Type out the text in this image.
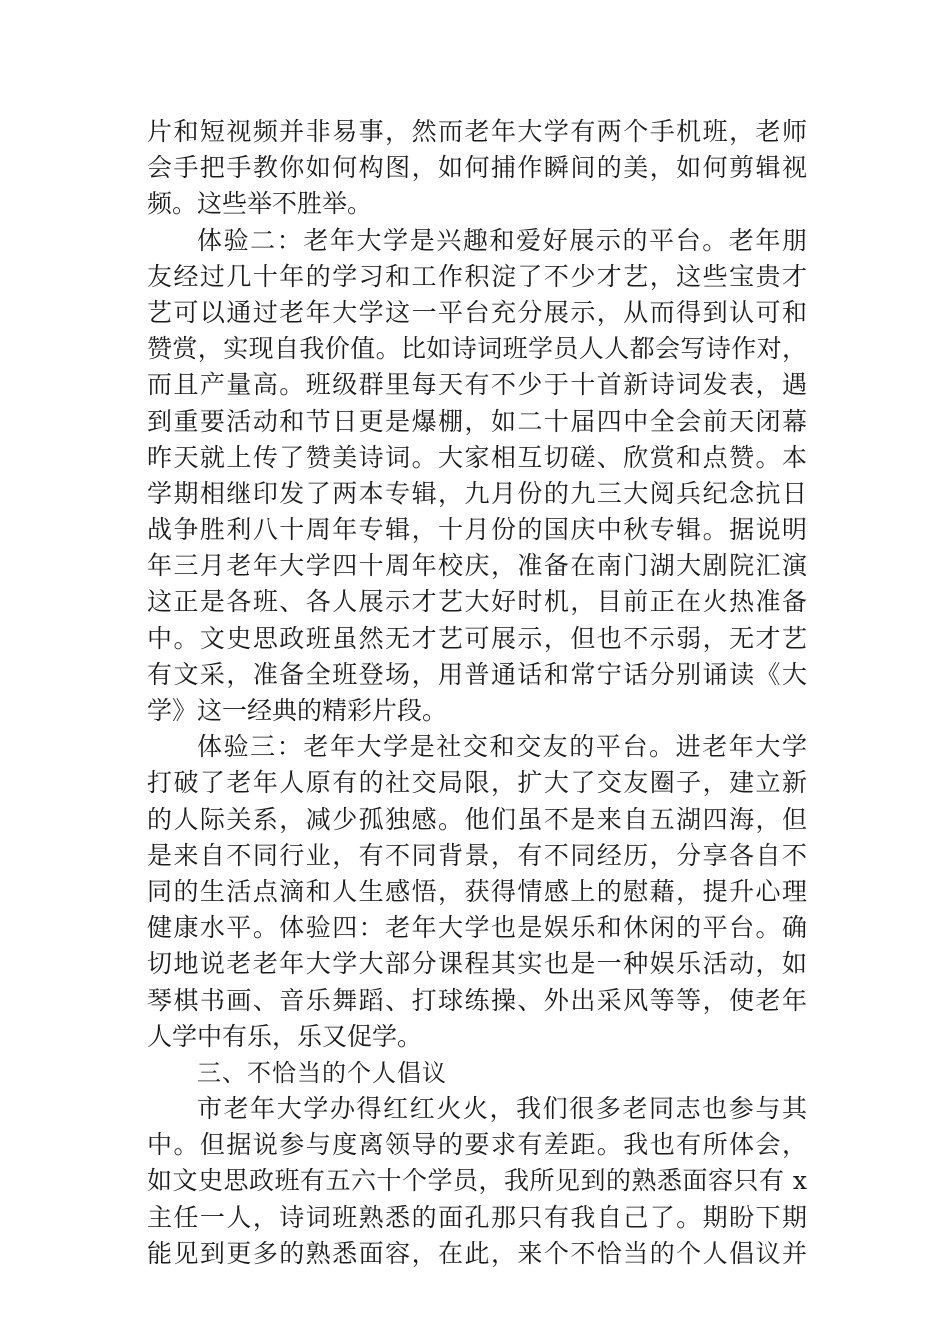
片和短视频并非易事，然而老年大学有两个手机班，老师
会手把手教你如何构图，如何捕作瞬间的美，如何剪辑视
频。这些举不胜举。
体验二：老年大学是兴趣和爱好展示的平台。老年朋
友经过几十年的学习和工作积淀了不少才艺，这些宝贵才
艺可以通过老年大学这一平台充分展示，从而得到认可和
赞赏，实现自我价值。比如诗词班学员人人都会写诗作对，
而且产量高。班级群里每天有不少于十首新诗词发表，遇
到重要活动和节日更是爆棚，如二十届四中全会前天闭幕
昨天就上传了赞美诗词。大家相互切磋、欣赏和点赞。本
学期相继印发了两本专辑，九月份的九三大阅兵纪念抗日
战争胜利八十周年专辑，十月份的国庆中秋专辑。据说明
年三月老年大学四十周年校庆，准备在南门湖大剧院汇演
这正是各班、各人展示才艺大好时机，目前正在火热准备
中。文史思政班虽然无才艺可展示，但也不示弱，无才艺
有文采，准备全班登场，用普通话和常宁话分别诵读《大
学》这一经典的精彩片段。
体验三：老年大学是社交和交友的平台。进老年大学
打破了老年人原有的社交局限，扩大了交友圈子，建立新
的人际关系，减少孤独感。他们虽不是来自五湖四海，但
是来自不同行业，有不同背景，有不同经历，分享各自不
同的生活点滴和人生感悟，获得情感上的慰藉，提升心理
健康水平。体验四：老年大学也是娱乐和休闲的平台。确
切地说老老年大学大部分课程其实也是一种娱乐活动，如
琴棋书画、音乐舞蹈、打球练操、外出采风等等，使老年
人学中有乐，乐又促学。
三、不恰当的个人倡议
市老年大学办得红红火火，我们很多老同志也参与其
中。但据说参与度离领导的要求有差距。我也有所体会，
如文史思政班有五六十个学员，我所见到的熟悉面容只有 x
主任一人，诗词班熟悉的面孔那只有我自己了。期盼下期
能见到更多的熟悉面容，在此，来个不恰当的个人倡议并
